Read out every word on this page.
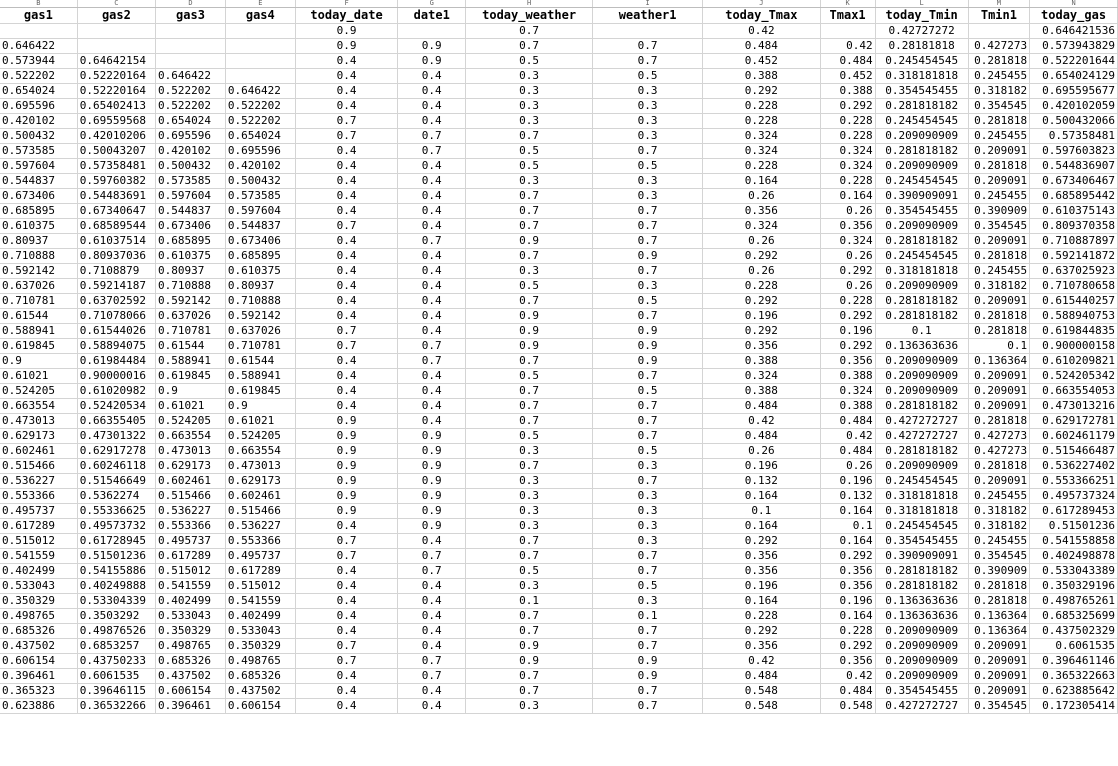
B	C	D	E	F	G	H	I	J	K	L	M	N
gas1	gas2	gas3	gas4	today_date	date1	today_weather	weather1	today_Tmax	Tmax1	today_Tmin	Tmin1	today_gas
				0.9		0.7		0.42		0.42727272		0.646421536
0.646422				0.9	0.9	0.7	0.7	0.484	0.42	0.28181818	0.427273	0.573943829
0.573944	0.64642154			0.4	0.9	0.5	0.7	0.452	0.484	0.245454545	0.281818	0.522201644
0.522202	0.52220164	0.646422		0.4	0.4	0.3	0.5	0.388	0.452	0.318181818	0.245455	0.654024129
0.654024	0.52220164	0.522202	0.646422	0.4	0.4	0.3	0.3	0.292	0.388	0.354545455	0.318182	0.695595677
0.695596	0.65402413	0.522202	0.522202	0.4	0.4	0.3	0.3	0.228	0.292	0.281818182	0.354545	0.420102059
0.420102	0.69559568	0.654024	0.522202	0.7	0.4	0.3	0.3	0.228	0.228	0.245454545	0.281818	0.500432066
0.500432	0.42010206	0.695596	0.654024	0.7	0.7	0.7	0.3	0.324	0.228	0.209090909	0.245455	0.57358481
0.573585	0.50043207	0.420102	0.695596	0.4	0.7	0.5	0.7	0.324	0.324	0.281818182	0.209091	0.597603823
0.597604	0.57358481	0.500432	0.420102	0.4	0.4	0.5	0.5	0.228	0.324	0.209090909	0.281818	0.544836907
0.544837	0.59760382	0.573585	0.500432	0.4	0.4	0.3	0.3	0.164	0.228	0.245454545	0.209091	0.673406467
0.673406	0.54483691	0.597604	0.573585	0.4	0.4	0.7	0.3	0.26	0.164	0.390909091	0.245455	0.685895442
0.685895	0.67340647	0.544837	0.597604	0.4	0.4	0.7	0.7	0.356	0.26	0.354545455	0.390909	0.610375143
0.610375	0.68589544	0.673406	0.544837	0.7	0.4	0.7	0.7	0.324	0.356	0.209090909	0.354545	0.809370358
0.80937	0.61037514	0.685895	0.673406	0.4	0.7	0.9	0.7	0.26	0.324	0.281818182	0.209091	0.710887897
0.710888	0.80937036	0.610375	0.685895	0.4	0.4	0.7	0.9	0.292	0.26	0.245454545	0.281818	0.592141872
0.592142	0.7108879	0.80937	0.610375	0.4	0.4	0.3	0.7	0.26	0.292	0.318181818	0.245455	0.637025923
0.637026	0.59214187	0.710888	0.80937	0.4	0.4	0.5	0.3	0.228	0.26	0.209090909	0.318182	0.710780658
0.710781	0.63702592	0.592142	0.710888	0.4	0.4	0.7	0.5	0.292	0.228	0.281818182	0.209091	0.615440257
0.61544	0.71078066	0.637026	0.592142	0.4	0.4	0.9	0.7	0.196	0.292	0.281818182	0.281818	0.588940753
0.588941	0.61544026	0.710781	0.637026	0.7	0.4	0.9	0.9	0.292	0.196	0.1	0.281818	0.619844835
0.619845	0.58894075	0.61544	0.710781	0.7	0.7	0.9	0.9	0.356	0.292	0.136363636	0.1	0.900000158
0.9	0.61984484	0.588941	0.61544	0.4	0.7	0.7	0.9	0.388	0.356	0.209090909	0.136364	0.610209821
0.61021	0.90000016	0.619845	0.588941	0.4	0.4	0.5	0.7	0.324	0.388	0.209090909	0.209091	0.524205342
0.524205	0.61020982	0.9	0.619845	0.4	0.4	0.7	0.5	0.388	0.324	0.209090909	0.209091	0.663554053
0.663554	0.52420534	0.61021	0.9	0.4	0.4	0.7	0.7	0.484	0.388	0.281818182	0.209091	0.473013216
0.473013	0.66355405	0.524205	0.61021	0.9	0.4	0.7	0.7	0.42	0.484	0.427272727	0.281818	0.629172781
0.629173	0.47301322	0.663554	0.524205	0.9	0.9	0.5	0.7	0.484	0.42	0.427272727	0.427273	0.602461179
0.602461	0.62917278	0.473013	0.663554	0.9	0.9	0.3	0.5	0.26	0.484	0.281818182	0.427273	0.515466487
0.515466	0.60246118	0.629173	0.473013	0.9	0.9	0.7	0.3	0.196	0.26	0.209090909	0.281818	0.536227402
0.536227	0.51546649	0.602461	0.629173	0.9	0.9	0.3	0.7	0.132	0.196	0.245454545	0.209091	0.553366251
0.553366	0.5362274	0.515466	0.602461	0.9	0.9	0.3	0.3	0.164	0.132	0.318181818	0.245455	0.495737324
0.495737	0.55336625	0.536227	0.515466	0.9	0.9	0.3	0.3	0.1	0.164	0.318181818	0.318182	0.617289453
0.617289	0.49573732	0.553366	0.536227	0.4	0.9	0.3	0.3	0.164	0.1	0.245454545	0.318182	0.51501236
0.515012	0.61728945	0.495737	0.553366	0.7	0.4	0.7	0.3	0.292	0.164	0.354545455	0.245455	0.541558858
0.541559	0.51501236	0.617289	0.495737	0.7	0.7	0.7	0.7	0.356	0.292	0.390909091	0.354545	0.402498878
0.402499	0.54155886	0.515012	0.617289	0.4	0.7	0.5	0.7	0.356	0.356	0.281818182	0.390909	0.533043389
0.533043	0.40249888	0.541559	0.515012	0.4	0.4	0.3	0.5	0.196	0.356	0.281818182	0.281818	0.350329196
0.350329	0.53304339	0.402499	0.541559	0.4	0.4	0.1	0.3	0.164	0.196	0.136363636	0.281818	0.498765261
0.498765	0.3503292	0.533043	0.402499	0.4	0.4	0.7	0.1	0.228	0.164	0.136363636	0.136364	0.685325699
0.685326	0.49876526	0.350329	0.533043	0.4	0.4	0.7	0.7	0.292	0.228	0.209090909	0.136364	0.437502329
0.437502	0.6853257	0.498765	0.350329	0.7	0.4	0.9	0.7	0.356	0.292	0.209090909	0.209091	0.6061535
0.606154	0.43750233	0.685326	0.498765	0.7	0.7	0.9	0.9	0.42	0.356	0.209090909	0.209091	0.396461146
0.396461	0.6061535	0.437502	0.685326	0.4	0.7	0.7	0.9	0.484	0.42	0.209090909	0.209091	0.365322663
0.365323	0.39646115	0.606154	0.437502	0.4	0.4	0.7	0.7	0.548	0.484	0.354545455	0.209091	0.623885642
0.623886	0.36532266	0.396461	0.606154	0.4	0.4	0.3	0.7	0.548	0.548	0.427272727	0.354545	0.172305414
